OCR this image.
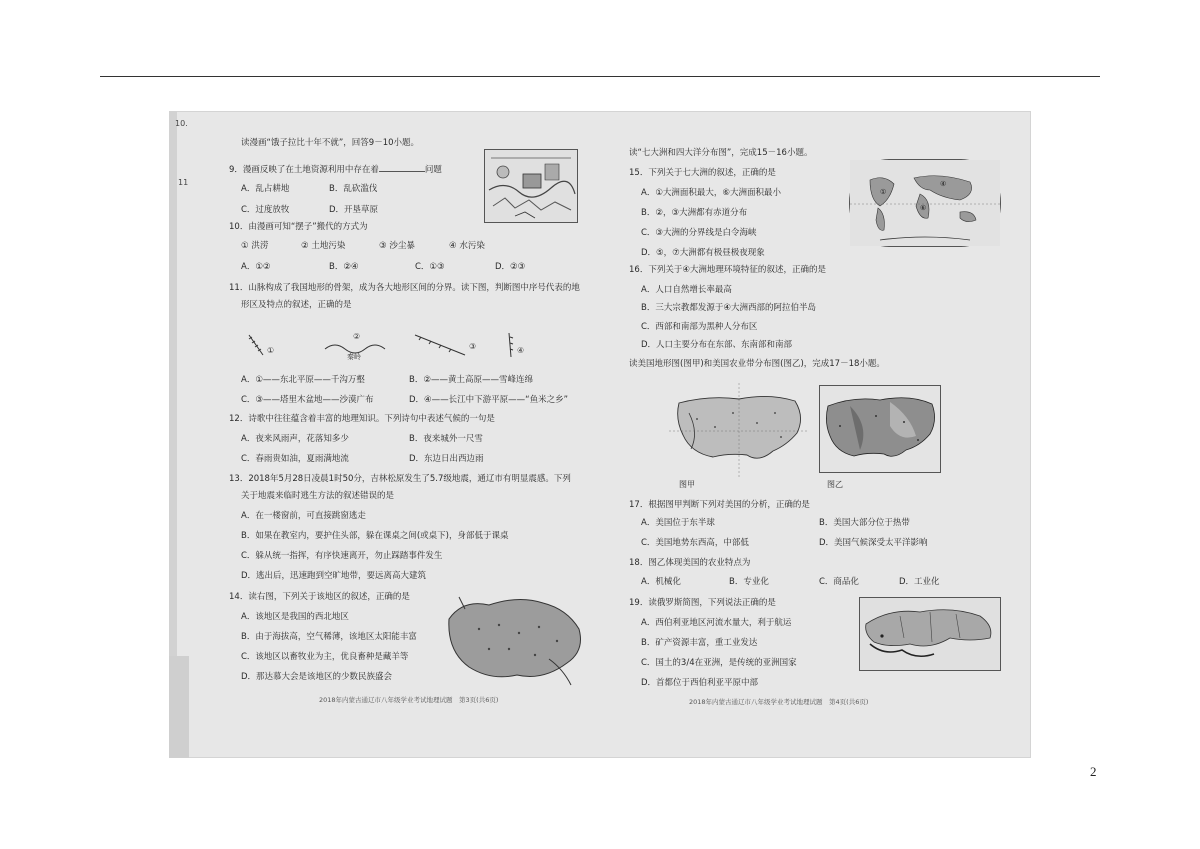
2
10.
11
读漫画“饿子拉比十年不就”，回答9－10小题。
9．漫画反映了在土地资源利用中存在着	问题
A．乱占耕地	B．乱砍滥伐
C．过度放牧	D．开垦草原
10．由漫画可知“摆子”搬代的方式为
① 洪涝	② 土地污染	③ 沙尘暴	④ 水污染
A．①②	B．②④	C．①③	D．②③
11．山脉构成了我国地形的骨架，成为各大地形区间的分界。读下图，判断图中序号代表的地
形区及特点的叙述，正确的是
A．①——东北平原——千沟万壑	B．②——黄土高原——雪峰连绵
C．③——塔里木盆地——沙漠广布	D．④——长江中下游平原——“鱼米之乡”
12．诗歌中往往蕴含着丰富的地理知识。下列诗句中表述气候的一句是
A．夜来风雨声，花落知多少	B．夜来城外一尺雪
C．春雨贵如油，夏雨满地流	D．东边日出西边雨
13．2018年5月28日凌晨1时50分，吉林松原发生了5.7级地震，通辽市有明显震感。下列
关于地震来临时逃生方法的叙述错误的是
A．在一楼窗前，可直接跳窗逃走
B．如果在教室内，要护住头部，躲在课桌之间(或桌下)，身部低于课桌
C．躲从统一指挥，有序快速离开，勿止踩踏事件发生
D．逃出后，迅速跑到空旷地带，要远离高大建筑
14．读右图，下列关于该地区的叙述，正确的是
A．该地区是我国的西北地区
B．由于海拔高，空气稀薄，该地区太阳能丰富
C．该地区以畜牧业为主，优良畜种是藏羊等
D．那达慕大会是该地区的少数民族盛会
2018年内蒙古通辽市八年级学业考试地理试题　第3页(共6页)
①
②
③	④
秦岭
读“七大洲和四大洋分布图”，完成15－16小题。
15．下列关于七大洲的叙述，正确的是
A．①大洲面积最大，⑥大洲面积最小
B．②，③大洲都有赤道分布
C．③大洲的分界线是白令海峡
D．⑤，⑦大洲都有极昼极夜现象
16．下列关于④大洲地理环境特征的叙述，正确的是
A．人口自然增长率最高
B．三大宗教都发源于④大洲西部的阿拉伯半岛
C．西部和南部为黑种人分布区
D．人口主要分布在东部、东南部和南部
读美国地形图(图甲)和美国农业带分布图(图乙)，完成17－18小题。
图甲	图乙
17．根据图甲判断下列对美国的分析，正确的是
A．美国位于东半球	B．美国大部分位于热带
C．美国地势东西高，中部低	D．美国气候深受太平洋影响
18．图乙体现美国的农业特点为
A．机械化	B．专业化	C．商品化	D．工业化
19．读俄罗斯简图，下列说法正确的是
A．西伯利亚地区河流水量大，利于航运
B．矿产资源丰富，重工业发达
C．国土的3/4在亚洲，是传统的亚洲国家
D．首都位于西伯利亚平原中部
2018年内蒙古通辽市八年级学业考试地理试题　第4页(共6页)
①
④
⑥
